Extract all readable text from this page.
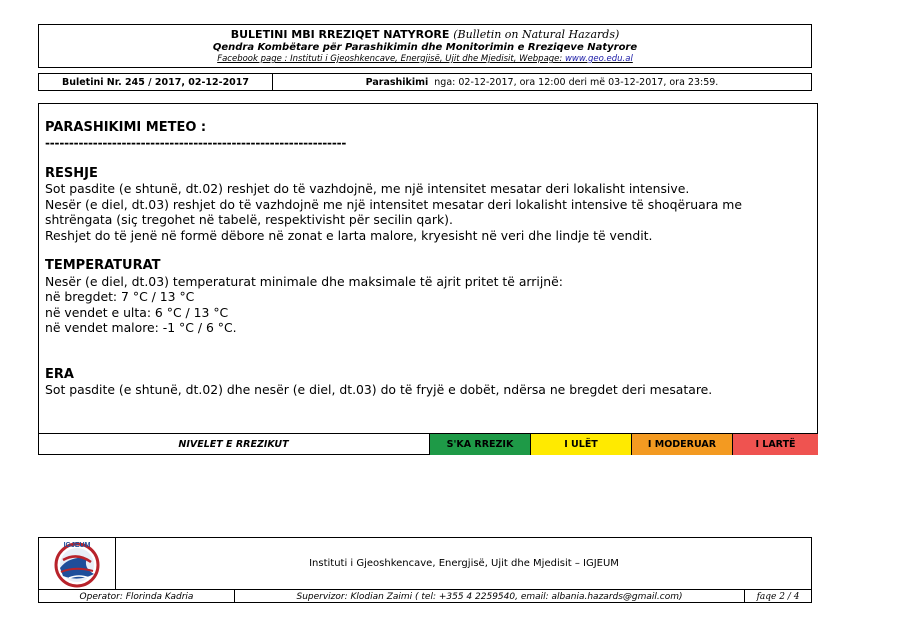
BULETINI MBI RREZIQET NATYRORE (Bulletin on Natural Hazards)
Qendra Kombëtare për Parashikimin dhe Monitorimin e Rreziqeve Natyrore
Facebook page : Instituti i Gjeoshkencave, Energjisë, Ujit dhe Mjedisit, Webpage: www.geo.edu.al
Buletini Nr. 245 / 2017, 02-12-2017	Parashikimi nga: 02-12-2017, ora 12:00 deri më 03-12-2017, ora 23:59.
PARASHIKIMI METEO :
---------------------------------------------------------------
RESHJE

Sot pasdite (e shtunë, dt.02) reshjet do të vazhdojnë, me një intensitet mesatar deri lokalisht intensive.

Nesër (e diel, dt.03) reshjet do të vazhdojnë me një intensitet mesatar deri lokalisht intensive të shoqëruara me

shtrëngata (siç tregohet në tabelë, respektivisht për secilin qark).

Reshjet do të jenë në formë dëbore në zonat e larta malore, kryesisht në veri dhe lindje të vendit.

TEMPERATURAT

Nesër (e diel, dt.03) temperaturat minimale dhe maksimale të ajrit pritet të arrijnë:

në bregdet: 7 °C / 13 °C

në vendet e ulta: 6 °C / 13 °C

në vendet malore: -1 °C / 6 °C.

ERA

Sot pasdite (e shtunë, dt.02) dhe nesër (e diel, dt.03) do të fryjë e dobët, ndërsa ne bregdet deri mesatare.

NIVELET E RREZIKUT	S'KA RREZIK	I ULËT	I MODERUAR	I LARTË
IGJEUM
Instituti i Gjeoshkencave, Energjisë, Ujit dhe Mjedisit – IGJEUM
Operator: Florinda Kadria	Supervizor: Klodian Zaimi ( tel: +355 4 2259540, email: albania.hazards@gmail.com)	faqe 2 / 4
